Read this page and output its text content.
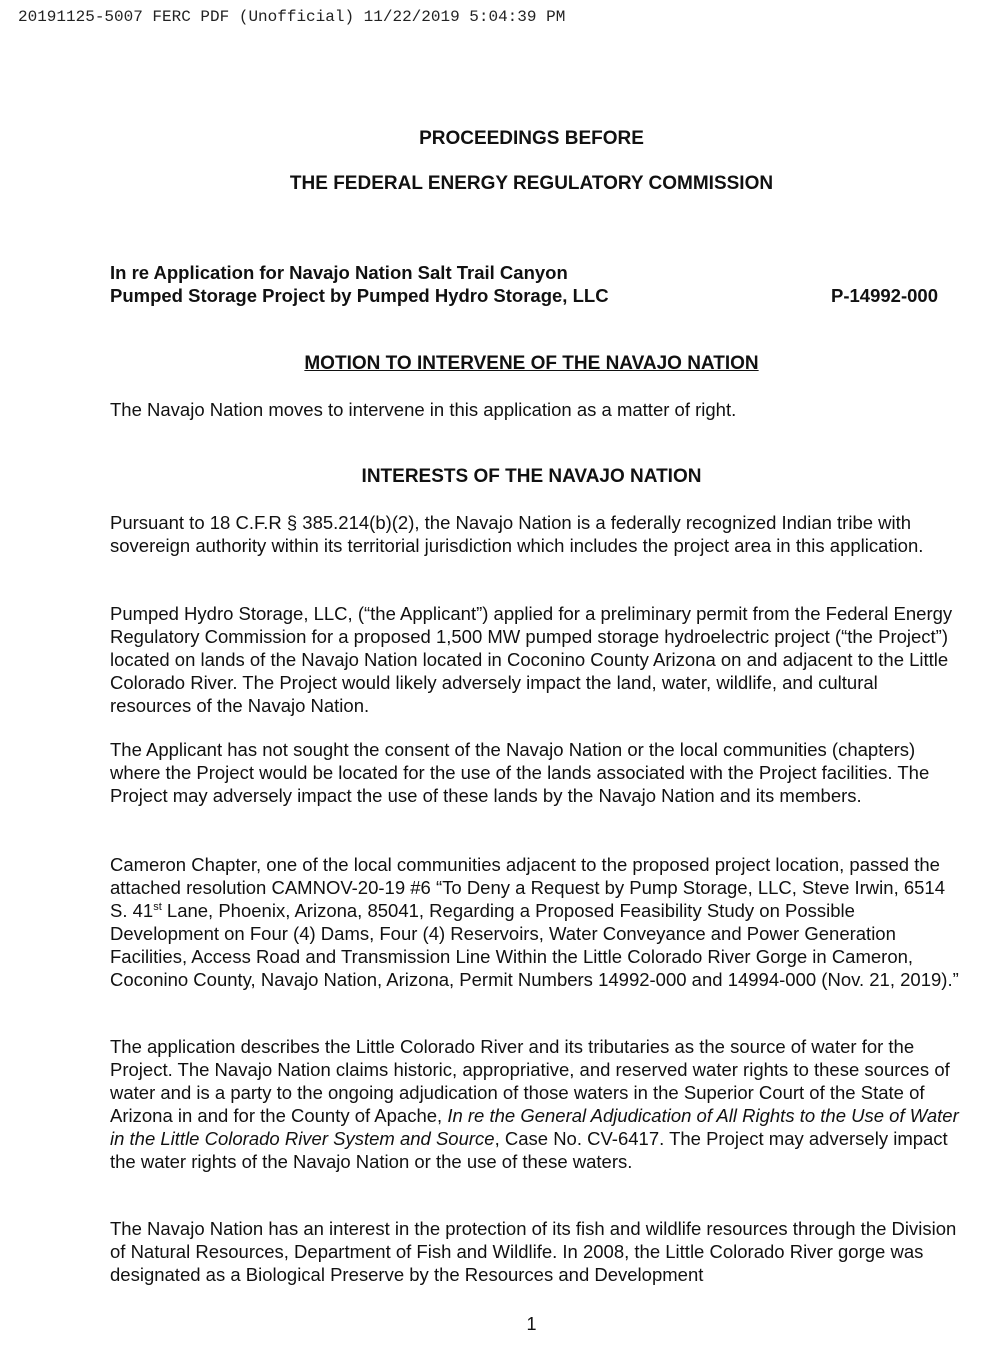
20191125-5007 FERC PDF (Unofficial) 11/22/2019 5:04:39 PM
PROCEEDINGS BEFORE
THE FEDERAL ENERGY REGULATORY COMMISSION
In re Application for Navajo Nation Salt Trail Canyon
Pumped Storage Project by Pumped Hydro Storage, LLC	P-14992-000
MOTION TO INTERVENE OF THE NAVAJO NATION
The Navajo Nation moves to intervene in this application as a matter of right.
INTERESTS OF THE NAVAJO NATION

Pursuant to 18 C.F.R § 385.214(b)(2), the Navajo Nation is a federally recognized Indian tribe with sovereign authority within its territorial jurisdiction which includes the project area in this application.

Pumped Hydro Storage, LLC, (“the Applicant”) applied for a preliminary permit from the Federal Energy Regulatory Commission for a proposed 1,500 MW pumped storage hydroelectric project (“the Project”) located on lands of the Navajo Nation located in Coconino County Arizona on and adjacent to the Little Colorado River. The Project would likely adversely impact the land, water, wildlife, and cultural resources of the Navajo Nation.

The Applicant has not sought the consent of the Navajo Nation or the local communities (chapters) where the Project would be located for the use of the lands associated with the Project facilities. The Project may adversely impact the use of these lands by the Navajo Nation and its members.

Cameron Chapter, one of the local communities adjacent to the proposed project location, passed the attached resolution CAMNOV-20-19 #6 “To Deny a Request by Pump Storage, LLC, Steve Irwin, 6514 S. 41st Lane, Phoenix, Arizona, 85041, Regarding a Proposed Feasibility Study on Possible Development on Four (4) Dams, Four (4) Reservoirs, Water Conveyance and Power Generation Facilities, Access Road and Transmission Line Within the Little Colorado River Gorge in Cameron, Coconino County, Navajo Nation, Arizona, Permit Numbers 14992-000 and 14994-000 (Nov. 21, 2019).”

The application describes the Little Colorado River and its tributaries as the source of water for the Project. The Navajo Nation claims historic, appropriative, and reserved water rights to these sources of water and is a party to the ongoing adjudication of those waters in the Superior Court of the State of Arizona in and for the County of Apache, In re the General Adjudication of All Rights to the Use of Water in the Little Colorado River System and Source, Case No. CV-6417. The Project may adversely impact the water rights of the Navajo Nation or the use of these waters.

The Navajo Nation has an interest in the protection of its fish and wildlife resources through the Division of Natural Resources, Department of Fish and Wildlife. In 2008, the Little Colorado River gorge was designated as a Biological Preserve by the Resources and Development

1
